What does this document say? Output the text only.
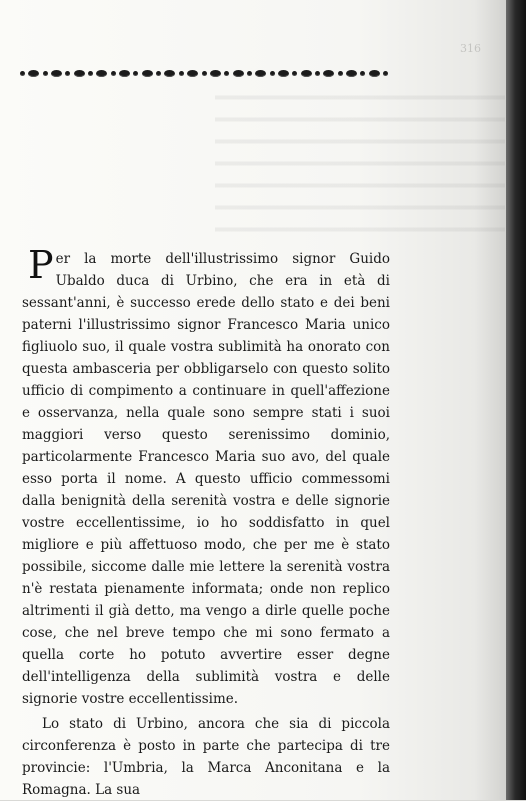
316

Per la morte dell'illustrissimo signor Guido Ubaldo duca di Urbino, che era in età di sessant'anni, è successo erede dello stato e dei beni paterni l'illustrissimo signor Francesco Maria unico figliuolo suo, il quale vostra sublimità ha onorato con questa ambasceria per obbligarselo con questo solito ufficio di compimento a continuare in quell'affezione e osservanza, nella quale sono sempre stati i suoi maggiori verso questo serenissimo dominio, particolarmente Francesco Maria suo avo, del quale esso porta il nome. A questo ufficio commessomi dalla benignità della serenità vostra e delle signorie vostre eccellentissime, io ho soddisfatto in quel migliore e più affettuoso modo, che per me è stato possibile, siccome dalle mie lettere la serenità vostra n'è restata pienamente informata; onde non replico altrimenti il già detto, ma vengo a dirle quelle poche cose, che nel breve tempo che mi sono fermato a quella corte ho potuto avvertire esser degne dell'intelligenza della sublimità vostra e delle signorie vostre eccellentissime.

Lo stato di Urbino, ancora che sia di piccola circonferenza è posto in parte che partecipa di tre provincie: l'Umbria, la Marca Anconitana e la Romagna. La sua
